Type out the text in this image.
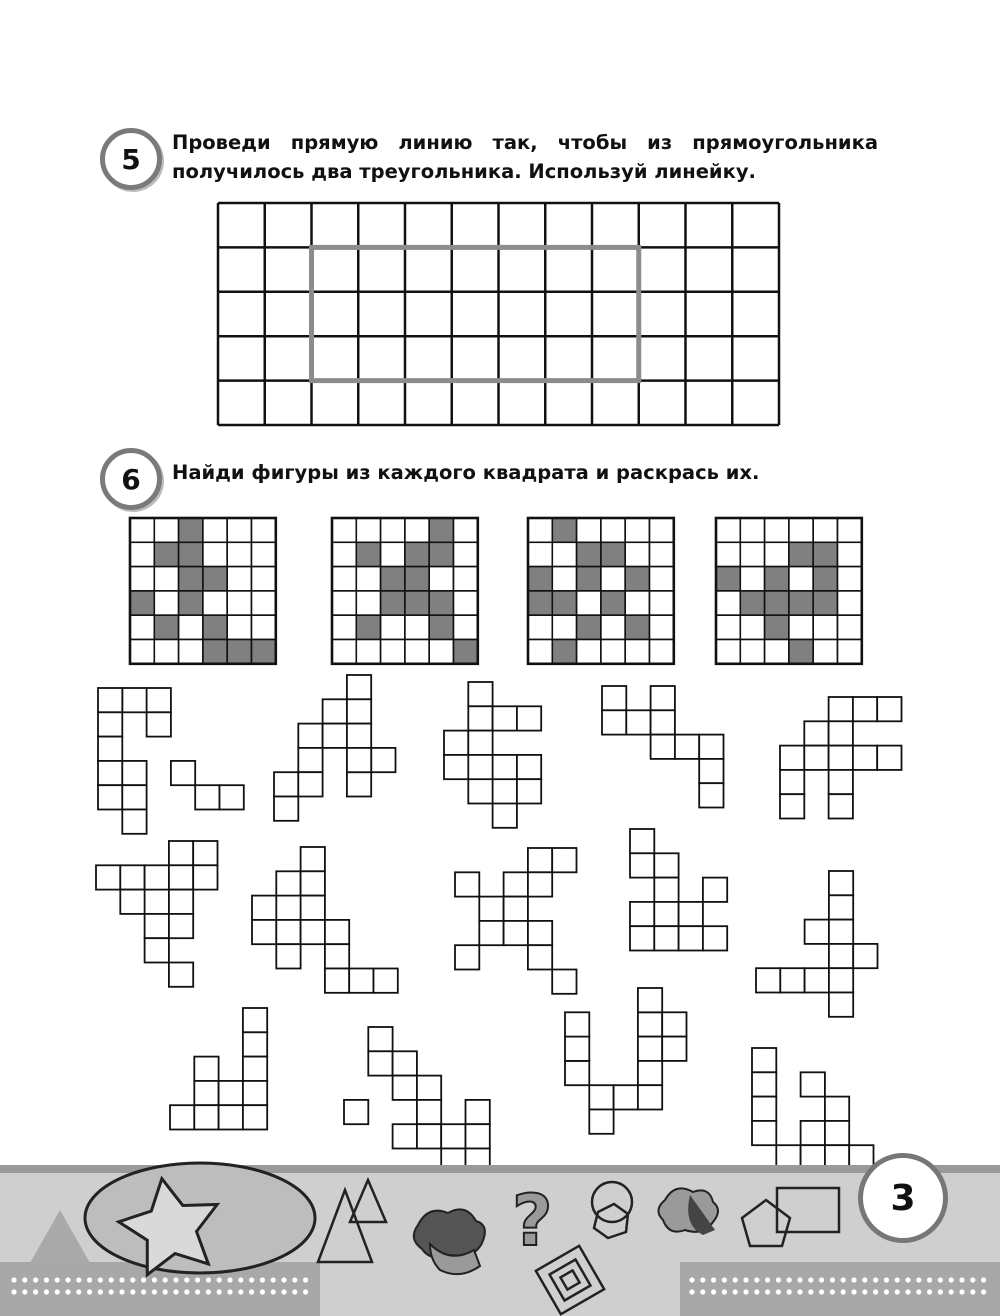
5 Проведи прямую линию так, чтобы из прямоугольника получилось два треугольника. Используй линейку.
6 Найди фигуры из каждого квадрата и раскрась их.
?	3
